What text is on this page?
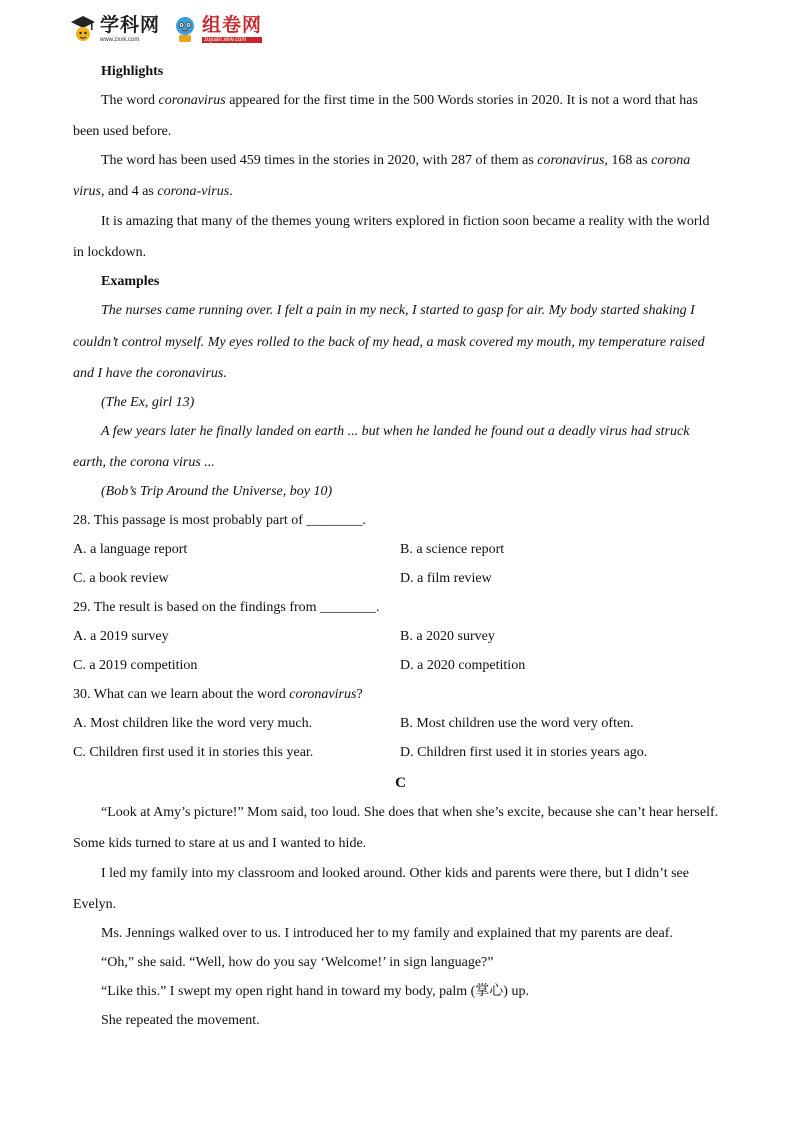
学科网
www.zxxk.com
组卷网
zujuan.xkw.com
Highlights
The word coronavirus appeared for the first time in the 500 Words stories in 2020. It is not a word that has
been used before.
The word has been used 459 times in the stories in 2020, with 287 of them as coronavirus, 168 as corona
virus, and 4 as corona-virus.
It is amazing that many of the themes young writers explored in fiction soon became a reality with the world
in lockdown.
Examples
The nurses came running over. I felt a pain in my neck, I started to gasp for air. My body started shaking I
couldn’t control myself. My eyes rolled to the back of my head, a mask covered my mouth, my temperature raised
and I have the coronavirus.
(The Ex, girl 13)
A few years later he finally landed on earth ... but when he landed he found out a deadly virus had struck
earth, the corona virus ...
(Bob’s Trip Around the Universe, boy 10)
28. This passage is most probably part of ________.
A. a language report	B. a science report
C. a book review	D. a film review
29. The result is based on the findings from ________.
A. a 2019 survey	B. a 2020 survey
C. a 2019 competition	D. a 2020 competition
30. What can we learn about the word coronavirus?
A. Most children like the word very much.	B. Most children use the word very often.
C. Children first used it in stories this year.	D. Children first used it in stories years ago.
C
“Look at Amy’s picture!” Mom said, too loud. She does that when she’s excite, because she can’t hear herself.
Some kids turned to stare at us and I wanted to hide.
I led my family into my classroom and looked around. Other kids and parents were there, but I didn’t see
Evelyn.
Ms. Jennings walked over to us. I introduced her to my family and explained that my parents are deaf.
“Oh,” she said. “Well, how do you say ‘Welcome!’ in sign language?”
“Like this.” I swept my open right hand in toward my body, palm (掌心) up.
She repeated the movement.
